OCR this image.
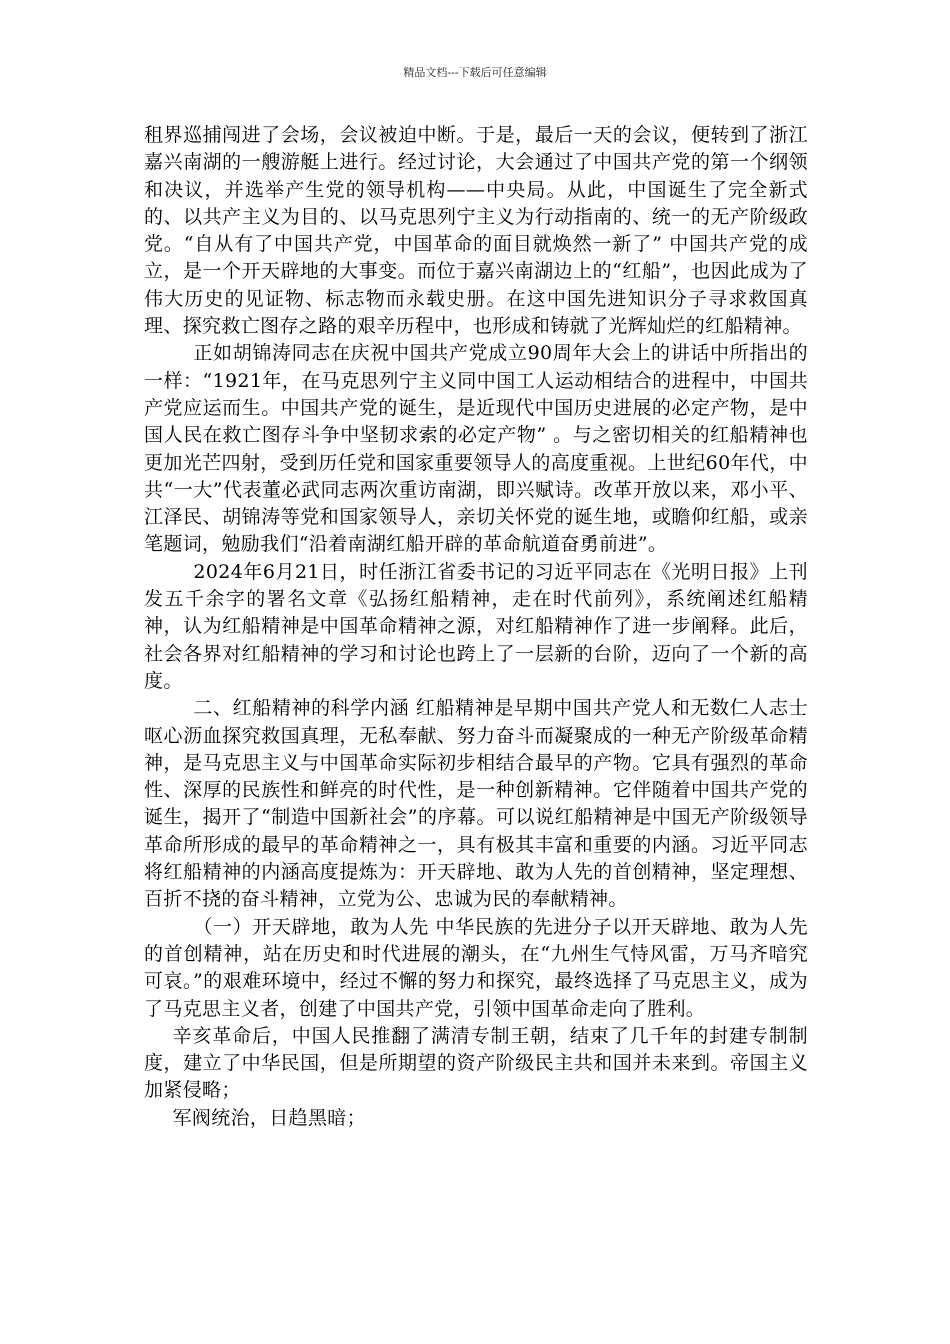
精品文档---下载后可任意编辑

租界巡捕闯进了会场，会议被迫中断。于是，最后一天的会议，便转到了浙江嘉兴南湖的一艘游艇上进行。经过讨论，大会通过了中国共产党的第一个纲领和决议，并选举产生党的领导机构——中央局。从此，中国诞生了完全新式的、以共产主义为目的、以马克思列宁主义为行动指南的、统一的无产阶级政党。“自从有了中国共产党，中国革命的面目就焕然一新了” 中国共产党的成立，是一个开天辟地的大事变。而位于嘉兴南湖边上的“红船”，也因此成为了伟大历史的见证物、标志物而永载史册。在这中国先进知识分子寻求救国真理、探究救亡图存之路的艰辛历程中，也形成和铸就了光辉灿烂的红船精神。

正如胡锦涛同志在庆祝中国共产党成立90周年大会上的讲话中所指出的一样：“1921年，在马克思列宁主义同中国工人运动相结合的进程中，中国共产党应运而生。中国共产党的诞生，是近现代中国历史进展的必定产物，是中国人民在救亡图存斗争中坚韧求索的必定产物” 。与之密切相关的红船精神也更加光芒四射，受到历任党和国家重要领导人的高度重视。上世纪60年代，中共“一大”代表董必武同志两次重访南湖，即兴赋诗。改革开放以来，邓小平、江泽民、胡锦涛等党和国家领导人，亲切关怀党的诞生地，或瞻仰红船，或亲笔题词，勉励我们“沿着南湖红船开辟的革命航道奋勇前进”。

2024年6月21日，时任浙江省委书记的习近平同志在《光明日报》上刊发五千余字的署名文章《弘扬红船精神，走在时代前列》，系统阐述红船精神，认为红船精神是中国革命精神之源，对红船精神作了进一步阐释。此后，社会各界对红船精神的学习和讨论也跨上了一层新的台阶，迈向了一个新的高度。

二、红船精神的科学内涵 红船精神是早期中国共产党人和无数仁人志士呕心沥血探究救国真理，无私奉献、努力奋斗而凝聚成的一种无产阶级革命精神，是马克思主义与中国革命实际初步相结合最早的产物。它具有强烈的革命性、深厚的民族性和鲜亮的时代性，是一种创新精神。它伴随着中国共产党的诞生，揭开了“制造中国新社会”的序幕。可以说红船精神是中国无产阶级领导革命所形成的最早的革命精神之一，具有极其丰富和重要的内涵。习近平同志将红船精神的内涵高度提炼为：开天辟地、敢为人先的首创精神，坚定理想、百折不挠的奋斗精神，立党为公、忠诚为民的奉献精神。

（一）开天辟地，敢为人先 中华民族的先进分子以开天辟地、敢为人先的首创精神，站在历史和时代进展的潮头，在“九州生气恃风雷，万马齐喑究可哀。”的艰难环境中，经过不懈的努力和探究，最终选择了马克思主义，成为了马克思主义者，创建了中国共产党，引领中国革命走向了胜利。

辛亥革命后，中国人民推翻了满清专制王朝，结束了几千年的封建专制制度，建立了中华民国，但是所期望的资产阶级民主共和国并未来到。帝国主义加紧侵略；

军阀统治，日趋黑暗；
